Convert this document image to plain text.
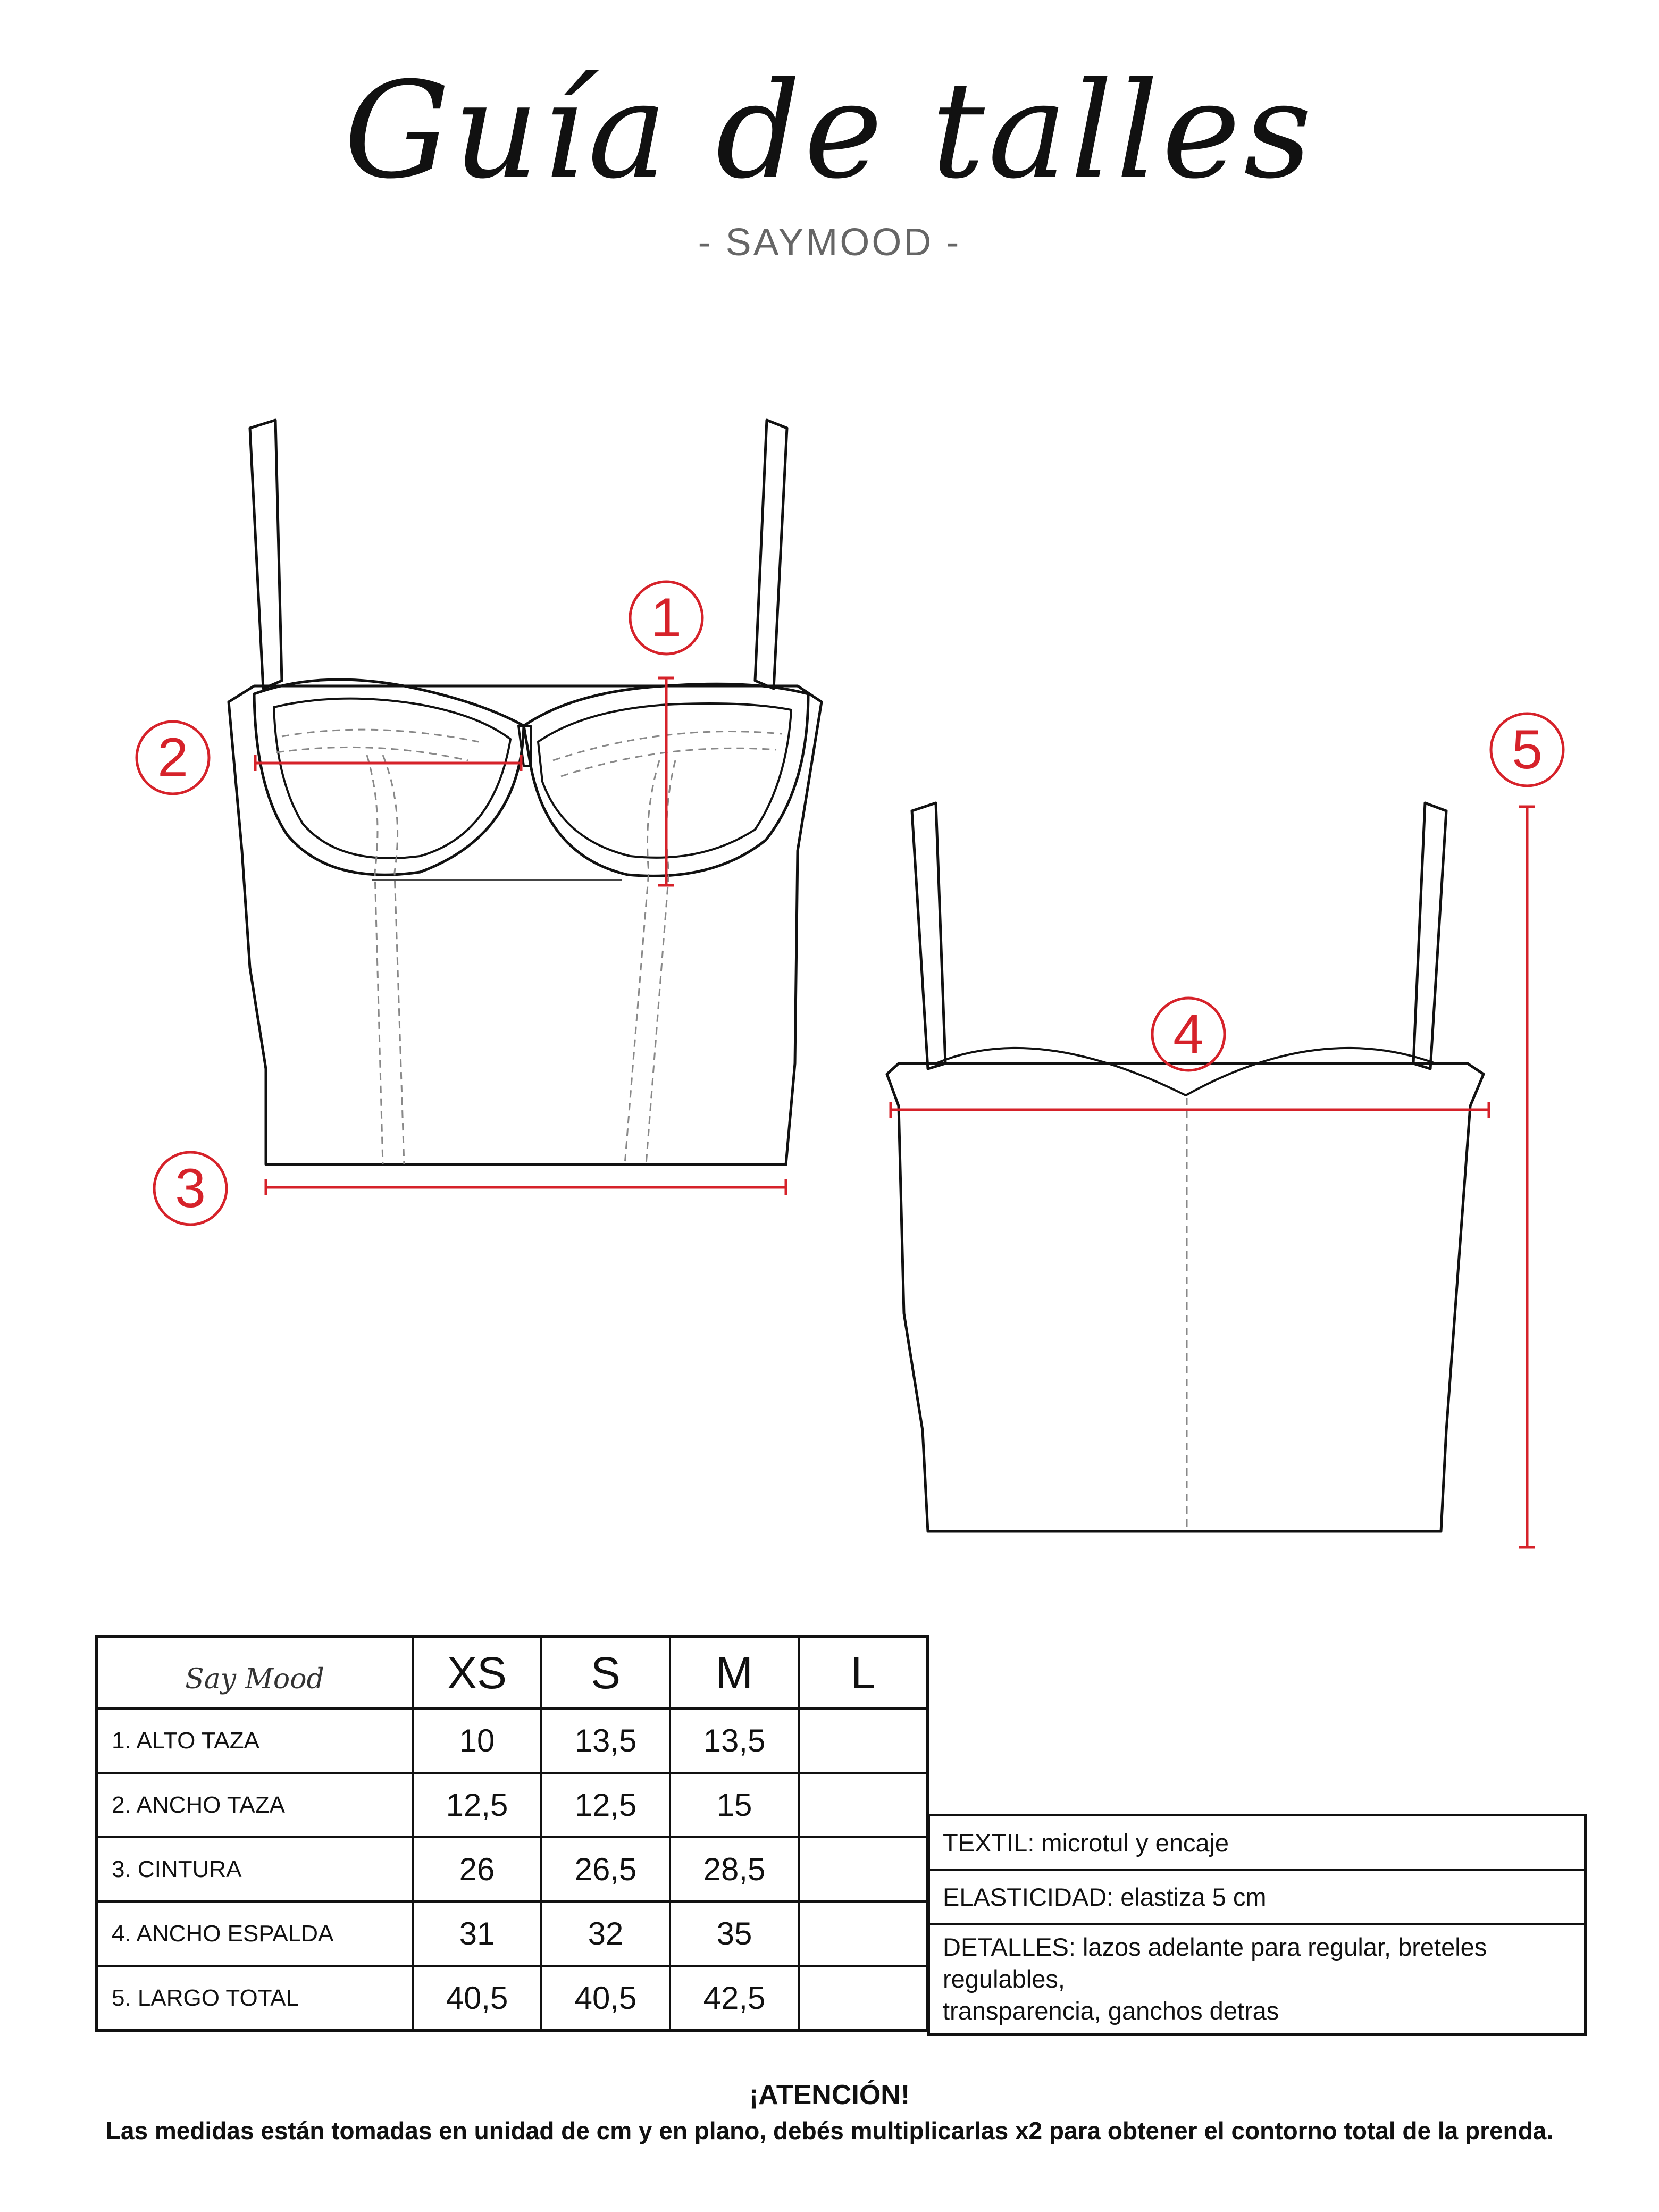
Guía de talles
- SAYMOOD -
1
2
3
4
5
Say Mood	XS	S	M	L
1. ALTO TAZA	10	13,5	13,5	
2. ANCHO TAZA	12,5	12,5	15	
3. CINTURA	26	26,5	28,5	
4. ANCHO ESPALDA	31	32	35	
5. LARGO TOTAL	40,5	40,5	42,5	
TEXTIL: microtul y encaje
ELASTICIDAD: elastiza 5 cm

DETALLES: lazos adelante para regular, breteles regulables,
transparencia, ganchos detras
¡ATENCIÓN!
Las medidas están tomadas en unidad de cm y en plano, debés multiplicarlas x2 para obtener el contorno total de la prenda.
